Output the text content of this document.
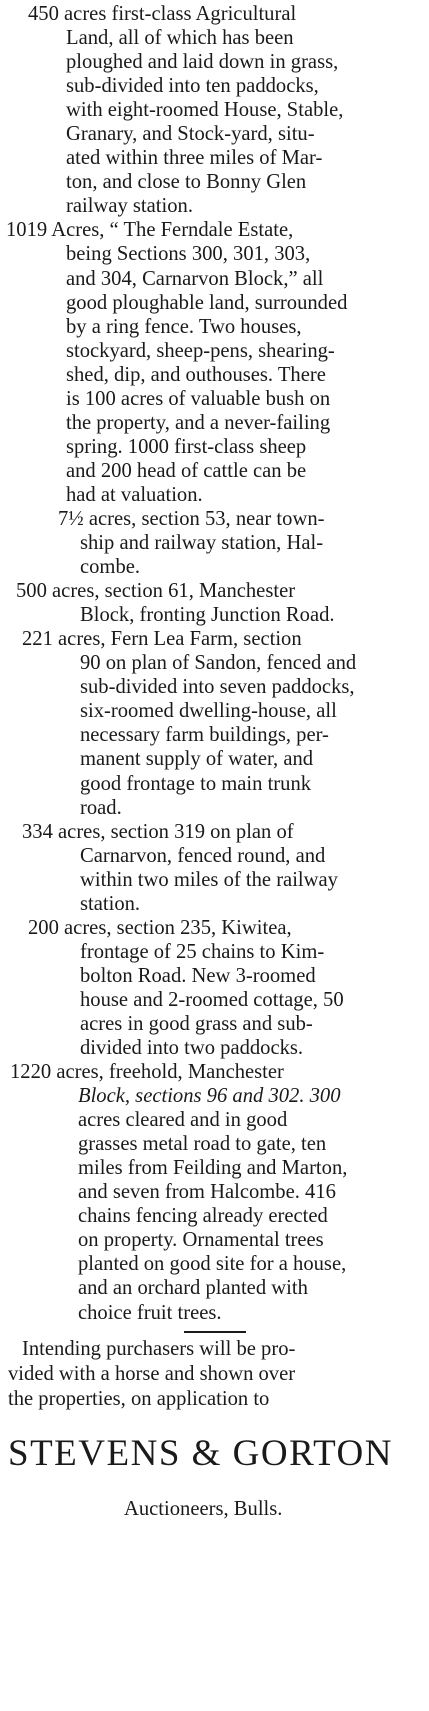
450 acres first-class Agricultural
Land, all of which has been
ploughed and laid down in grass,
sub-divided into ten paddocks,
with eight-roomed House, Stable,
Granary, and Stock-yard, situ-
ated within three miles of Mar-
ton, and close to Bonny Glen
railway station.
1019 Acres, “ The Ferndale Estate,
being Sections 300, 301, 303,
and 304, Carnarvon Block,” all
good ploughable land, surrounded
by a ring fence. Two houses,
stockyard, sheep-pens, shearing-
shed, dip, and outhouses. There
is 100 acres of valuable bush on
the property, and a never-failing
spring. 1000 first-class sheep
and 200 head of cattle can be
had at valuation.
7½ acres, section 53, near town-
ship and railway station, Hal-
combe.
500 acres, section 61, Manchester
Block, fronting Junction Road.
221 acres, Fern Lea Farm, section
90 on plan of Sandon, fenced and
sub-divided into seven paddocks,
six-roomed dwelling-house, all
necessary farm buildings, per-
manent supply of water, and
good frontage to main trunk
road.
334 acres, section 319 on plan of
Carnarvon, fenced round, and
within two miles of the railway
station.
200 acres, section 235, Kiwitea,
frontage of 25 chains to Kim-
bolton Road. New 3-roomed
house and 2-roomed cottage, 50
acres in good grass and sub-
divided into two paddocks.
1220 acres, freehold, Manchester
Block, sections 96 and 302. 300
acres cleared and in good
grasses metal road to gate, ten
miles from Feilding and Marton,
and seven from Halcombe. 416
chains fencing already erected
on property. Ornamental trees
planted on good site for a house,
and an orchard planted with
choice fruit trees.
Intending purchasers will be pro-
vided with a horse and shown over
the properties, on application to
STEVENS & GORTON
Auctioneers, Bulls.
